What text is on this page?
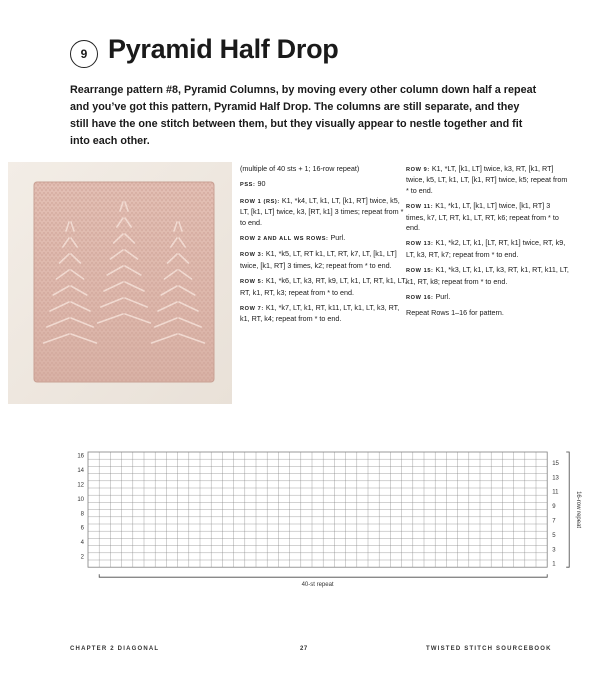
9 Pyramid Half Drop
Rearrange pattern #8, Pyramid Columns, by moving every other column down half a repeat and you’ve got this pattern, Pyramid Half Drop. The columns are still separate, and they still have the one stitch between them, but they visually appear to nestle together and fit into each other.

(multiple of 40 sts + 1; 16-row repeat)

PSS: 90

ROW 1 (RS): K1, *k4, LT, k1, LT, [k1, RT] twice, k5, LT, [k1, LT] twice, k3, [RT, k1] 3 times; repeat from * to end.

ROW 2 AND ALL WS ROWS: Purl.

ROW 3: K1, *k5, LT, RT k1, LT, RT, k7, LT, [k1, LT] twice, [k1, RT] 3 times, k2; repeat from * to end.

ROW 5: K1, *k6, LT, k3, RT, k9, LT, k1, LT, RT, k1, LT, RT, k1, RT, k3; repeat from * to end.

ROW 7: K1, *k7, LT, k1, RT, k11, LT, k1, LT, k3, RT, k1, RT, k4; repeat from * to end.

ROW 9: K1, *LT, [k1, LT] twice, k3, RT, [k1, RT] twice, k5, LT, k1, LT, [k1, RT] twice, k5; repeat from * to end.

ROW 11: K1, *k1, LT, [k1, LT] twice, [k1, RT] 3 times, k7, LT, RT, k1, LT, RT, k6; repeat from * to end.

ROW 13: K1, *k2, LT, k1, [LT, RT, k1] twice, RT, k9, LT, k3, RT, k7; repeat from * to end.

ROW 15: K1, *k3, LT, k1, LT, k3, RT, k1, RT, k11, LT, k1, RT, k8; repeat from * to end.

ROW 16: Purl.

Repeat Rows 1–16 for pattern.

16
14
12
10
8
6
4
2
15
13
11
9
7
5
3
1
40-st repeat
16-row repeat
CHAPTER 2 DIAGONAL	27	TWISTED STITCH SOURCEBOOK
